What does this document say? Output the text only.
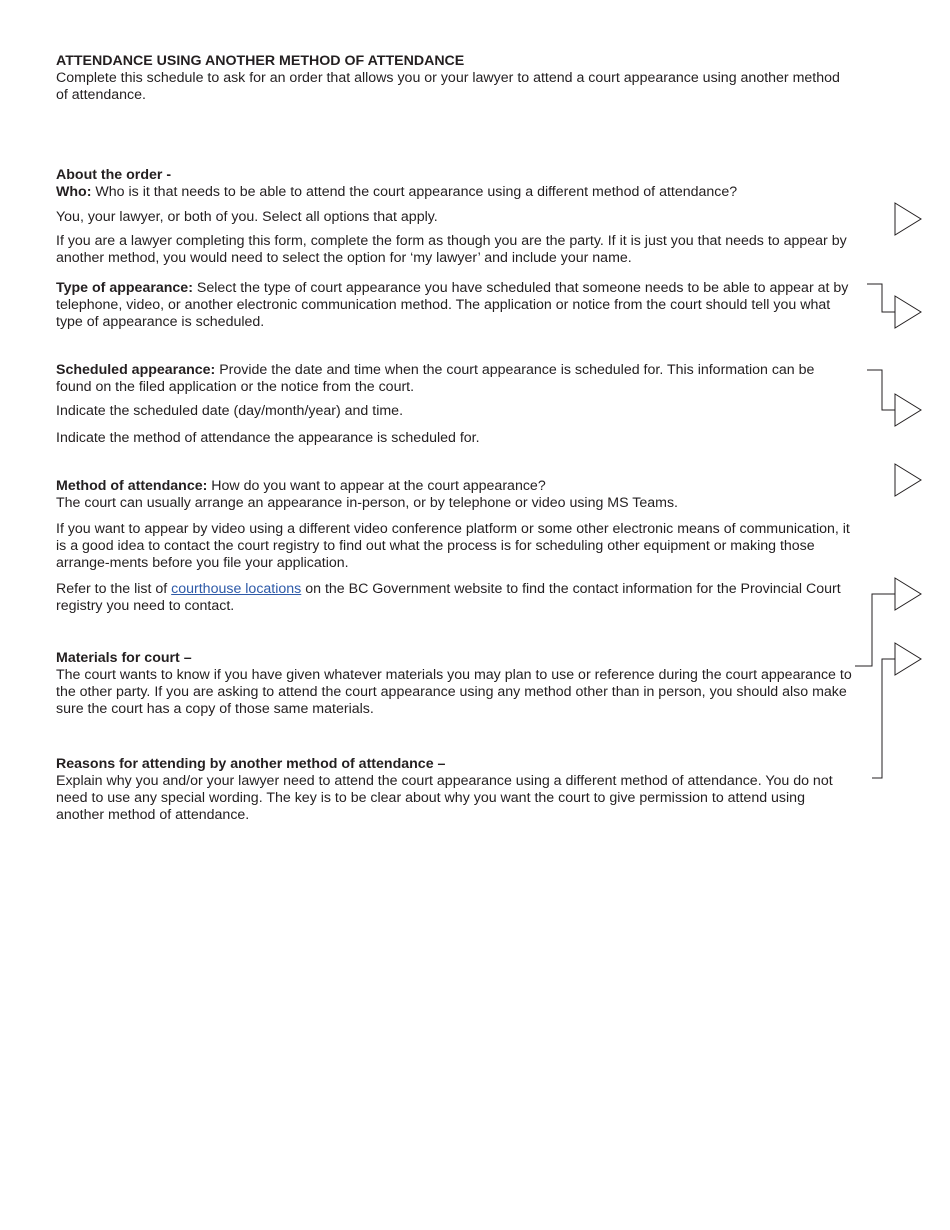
ATTENDANCE USING ANOTHER METHOD OF ATTENDANCE

Complete this schedule to ask for an order that allows you or your lawyer to attend a court appearance using another method of attendance.

About the order -

Who: Who is it that needs to be able to attend the court appearance using a different method of attendance?

You, your lawyer, or both of you. Select all options that apply.

If you are a lawyer completing this form, complete the form as though you are the party. If it is just you that needs to appear by another method, you would need to select the option for ‘my lawyer’ and include your name.

Type of appearance: Select the type of court appearance you have scheduled that someone needs to be able to appear at by telephone, video, or another electronic communication method. The application or notice from the court should tell you what type of appearance is scheduled.

Scheduled appearance: Provide the date and time when the court appearance is scheduled for. This information can be found on the filed application or the notice from the court.

Indicate the scheduled date (day/month/year) and time.

Indicate the method of attendance the appearance is scheduled for.

Method of attendance: How do you want to appear at the court appearance?

The court can usually arrange an appearance in-person, or by telephone or video using MS Teams.

If you want to appear by video using a different video conference platform or some other electronic means of communication, it is a good idea to contact the court registry to find out what the process is for scheduling other equipment or making those arrange-ments before you file your application.

Refer to the list of courthouse locations on the BC Government website to find the contact information for the Provincial Court registry you need to contact.

Materials for court –

The court wants to know if you have given whatever materials you may plan to use or reference during the court appearance to the other party. If you are asking to attend the court appearance using any method other than in person, you should also make sure the court has a copy of those same materials.

Reasons for attending by another method of attendance –

Explain why you and/or your lawyer need to attend the court appearance using a different method of attendance. You do not need to use any special wording. The key is to be clear about why you want the court to give permission to attend using another method of attendance.
